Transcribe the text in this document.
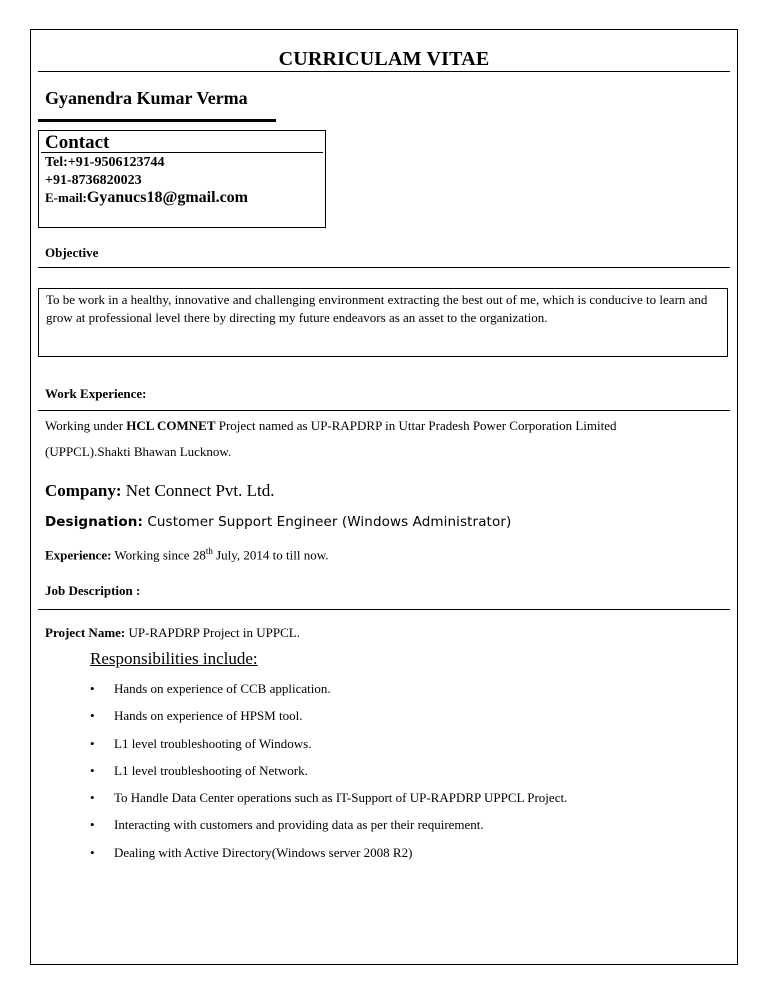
CURRICULAM VITAE
Gyanendra Kumar Verma
Contact
Tel:+91-9506123744
+91-8736820023
E-mail:Gyanucs18@gmail.com
Objective
To be work in a healthy, innovative and challenging environment extracting the best out of me, which is conducive to learn and grow at professional level there by directing my future endeavors as an asset to the organization.
Work Experience:
Working under HCL COMNET Project named as UP-RAPDRP in Uttar Pradesh Power Corporation Limited
(UPPCL).Shakti Bhawan Lucknow.
Company: Net Connect Pvt. Ltd.
Designation: Customer Support Engineer (Windows Administrator)
Experience: Working since 28th July, 2014 to till now.
Job Description :
Project Name: UP-RAPDRP Project in UPPCL.
Responsibilities include:
• Hands on experience of CCB application.
• Hands on experience of HPSM tool.
• L1 level troubleshooting of Windows.
• L1 level troubleshooting of Network.
• To Handle Data Center operations such as IT-Support of UP-RAPDRP UPPCL Project.
• Interacting with customers and providing data as per their requirement.
• Dealing with Active Directory(Windows server 2008 R2)
